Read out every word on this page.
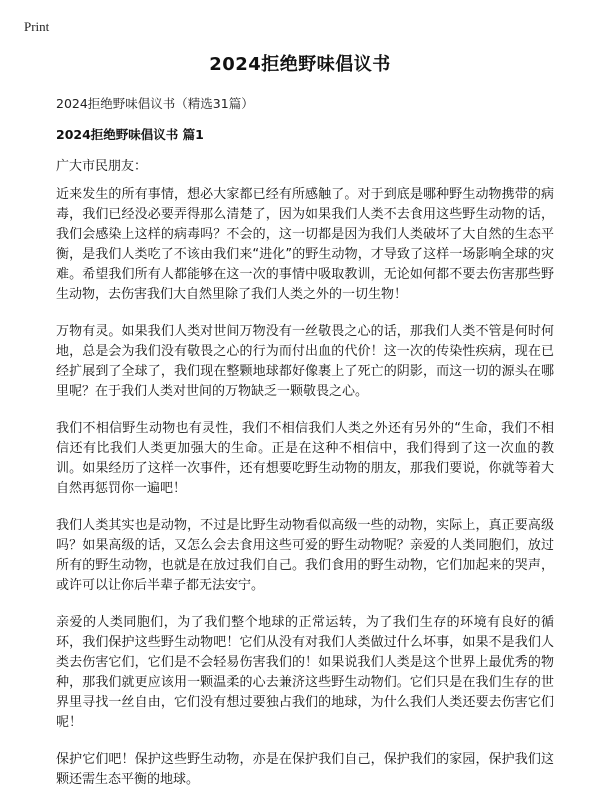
Print
2024拒绝野味倡议书
2024拒绝野味倡议书（精选31篇）
2024拒绝野味倡议书 篇1
广大市民朋友：

近来发生的所有事情，想必大家都已经有所感触了。对于到底是哪种野生动物携带的病毒，我们已经没必要弄得那么清楚了，因为如果我们人类不去食用这些野生动物的话，我们会感染上这样的病毒吗？不会的，这一切都是因为我们人类破坏了大自然的生态平衡，是我们人类吃了不该由我们来“进化”的野生动物，才导致了这样一场影响全球的灾难。希望我们所有人都能够在这一次的事情中吸取教训，无论如何都不要去伤害那些野生动物，去伤害我们大自然里除了我们人类之外的一切生物！

万物有灵。如果我们人类对世间万物没有一丝敬畏之心的话，那我们人类不管是何时何地，总是会为我们没有敬畏之心的行为而付出血的代价！这一次的传染性疾病，现在已经扩展到了全球了，我们现在整颗地球都好像裹上了死亡的阴影，而这一切的源头在哪里呢？在于我们人类对世间的万物缺乏一颗敬畏之心。

我们不相信野生动物也有灵性，我们不相信我们人类之外还有另外的“生命，我们不相信还有比我们人类更加强大的生命。正是在这种不相信中，我们得到了这一次血的教训。如果经历了这样一次事件，还有想要吃野生动物的朋友，那我们要说，你就等着大自然再惩罚你一遍吧！

我们人类其实也是动物，不过是比野生动物看似高级一些的动物，实际上，真正要高级吗？如果高级的话，又怎么会去食用这些可爱的野生动物呢？亲爱的人类同胞们，放过所有的野生动物，也就是在放过我们自己。我们食用的野生动物，它们加起来的哭声，或许可以让你后半辈子都无法安宁。

亲爱的人类同胞们，为了我们整个地球的正常运转，为了我们生存的环境有良好的循环，我们保护这些野生动物吧！它们从没有对我们人类做过什么坏事，如果不是我们人类去伤害它们，它们是不会轻易伤害我们的！如果说我们人类是这个世界上最优秀的物种，那我们就更应该用一颗温柔的心去兼济这些野生动物们。它们只是在我们生存的世界里寻找一丝自由，它们没有想过要独占我们的地球，为什么我们人类还要去伤害它们呢！

保护它们吧！保护这些野生动物，亦是在保护我们自己，保护我们的家园，保护我们这颗还需生态平衡的地球。
